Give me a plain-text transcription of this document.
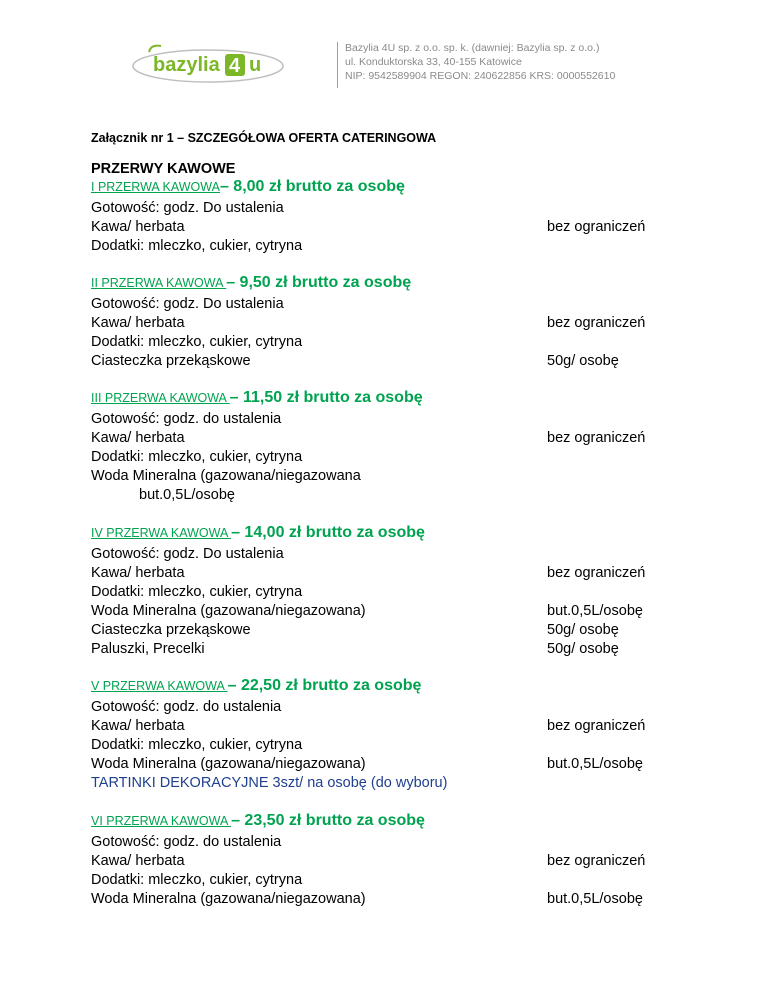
bazylia 4 u
Bazylia 4U sp. z o.o. sp. k. (dawniej: Bazylia sp. z o.o.)
ul. Konduktorska 33, 40-155 Katowice
NIP: 9542589904 REGON: 240622856 KRS: 0000552610
Załącznik nr 1 – SZCZEGÓŁOWA OFERTA CATERINGOWA
PRZERWY KAWOWE
I PRZERWA KAWOWA– 8,00 zł brutto za osobę
Gotowość: godz. Do ustalenia
Kawa/ herbata
Dodatki: mleczko, cukier, cytryna
bez ograniczeń
II PRZERWA KAWOWA – 9,50 zł brutto za osobę
Gotowość: godz. Do ustalenia
Kawa/ herbata
Dodatki: mleczko, cukier, cytryna
Ciasteczka przekąskowe
bez ograniczeń
50g/ osobę
III PRZERWA KAWOWA – 11,50 zł brutto za osobę
Gotowość: godz. do ustalenia
Kawa/ herbata
Dodatki: mleczko, cukier, cytryna
Woda Mineralna (gazowana/niegazowana
but.0,5L/osobę
bez ograniczeń
IV PRZERWA KAWOWA – 14,00 zł brutto za osobę
Gotowość: godz. Do ustalenia
Kawa/ herbata
Dodatki: mleczko, cukier, cytryna
Woda Mineralna (gazowana/niegazowana)
Ciasteczka przekąskowe
Paluszki, Precelki
bez ograniczeń
but.0,5L/osobę
50g/ osobę
50g/ osobę
V PRZERWA KAWOWA – 22,50 zł brutto za osobę
Gotowość: godz. do ustalenia
Kawa/ herbata
Dodatki: mleczko, cukier, cytryna
Woda Mineralna (gazowana/niegazowana)
TARTINKI DEKORACYJNE 3szt/ na osobę (do wyboru)
bez ograniczeń
but.0,5L/osobę
VI PRZERWA KAWOWA – 23,50 zł brutto za osobę
Gotowość: godz. do ustalenia
Kawa/ herbata
Dodatki: mleczko, cukier, cytryna
Woda Mineralna (gazowana/niegazowana)
bez ograniczeń
but.0,5L/osobę
